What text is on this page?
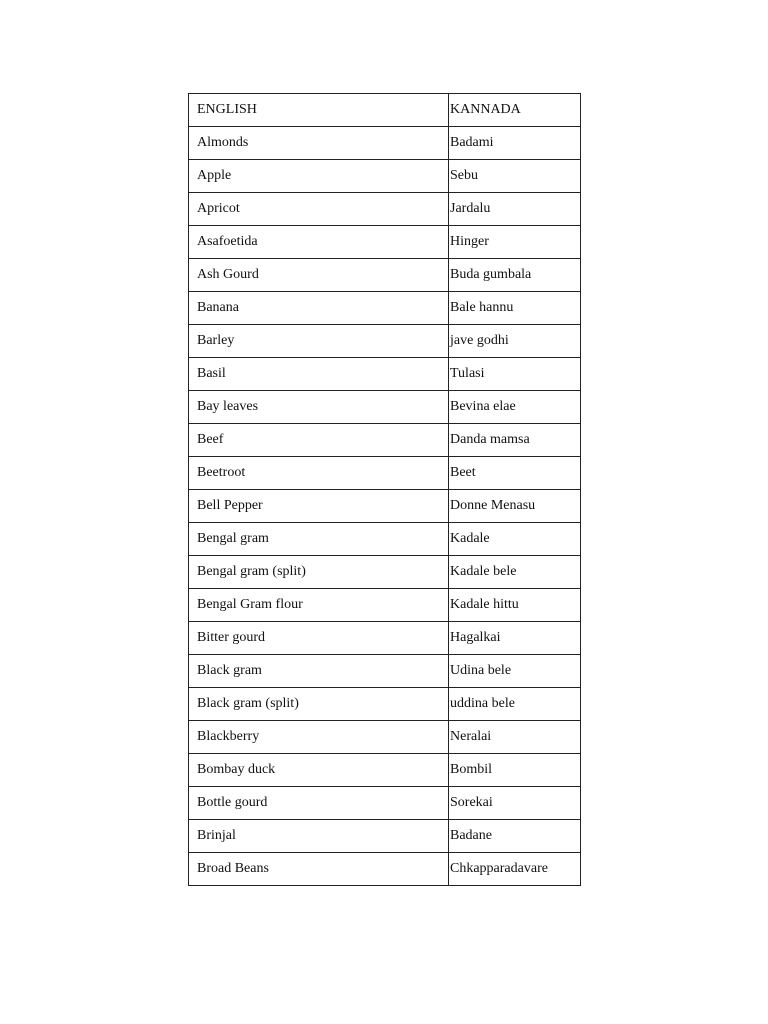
ENGLISH	KANNADA
Almonds	Badami
Apple	Sebu
Apricot	Jardalu
Asafoetida	Hinger
Ash Gourd	Buda gumbala
Banana	Bale hannu
Barley	jave godhi
Basil	Tulasi
Bay leaves	Bevina elae
Beef	Danda mamsa
Beetroot	Beet
Bell Pepper	Donne Menasu
Bengal gram	Kadale
Bengal gram (split)	Kadale bele
Bengal Gram flour	Kadale hittu
Bitter gourd	Hagalkai
Black gram	Udina bele
Black gram (split)	uddina bele
Blackberry	Neralai
Bombay duck	Bombil
Bottle gourd	Sorekai
Brinjal	Badane
Broad Beans	Chkapparadavare
